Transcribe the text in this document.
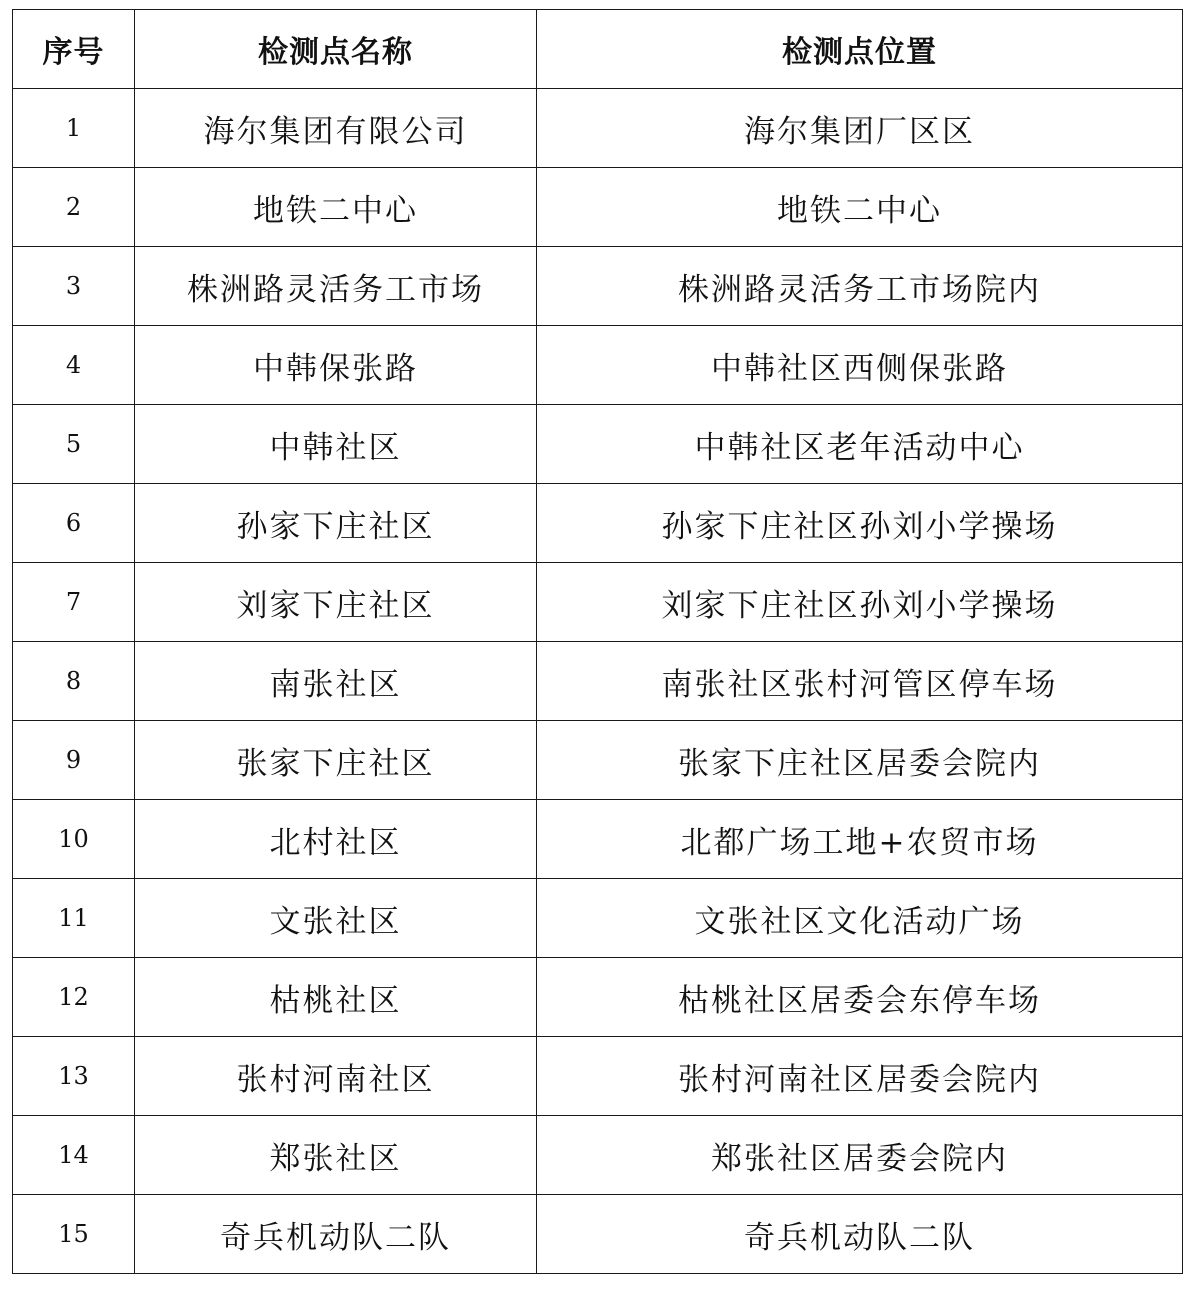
序号	检测点名称	检测点位置
1	海尔集团有限公司	海尔集团厂区区
2	地铁二中心	地铁二中心
3	株洲路灵活务工市场	株洲路灵活务工市场院内
4	中韩保张路	中韩社区西侧保张路
5	中韩社区	中韩社区老年活动中心
6	孙家下庄社区	孙家下庄社区孙刘小学操场
7	刘家下庄社区	刘家下庄社区孙刘小学操场
8	南张社区	南张社区张村河管区停车场
9	张家下庄社区	张家下庄社区居委会院内
10	北村社区	北都广场工地+农贸市场
11	文张社区	文张社区文化活动广场
12	枯桃社区	枯桃社区居委会东停车场
13	张村河南社区	张村河南社区居委会院内
14	郑张社区	郑张社区居委会院内
15	奇兵机动队二队	奇兵机动队二队
